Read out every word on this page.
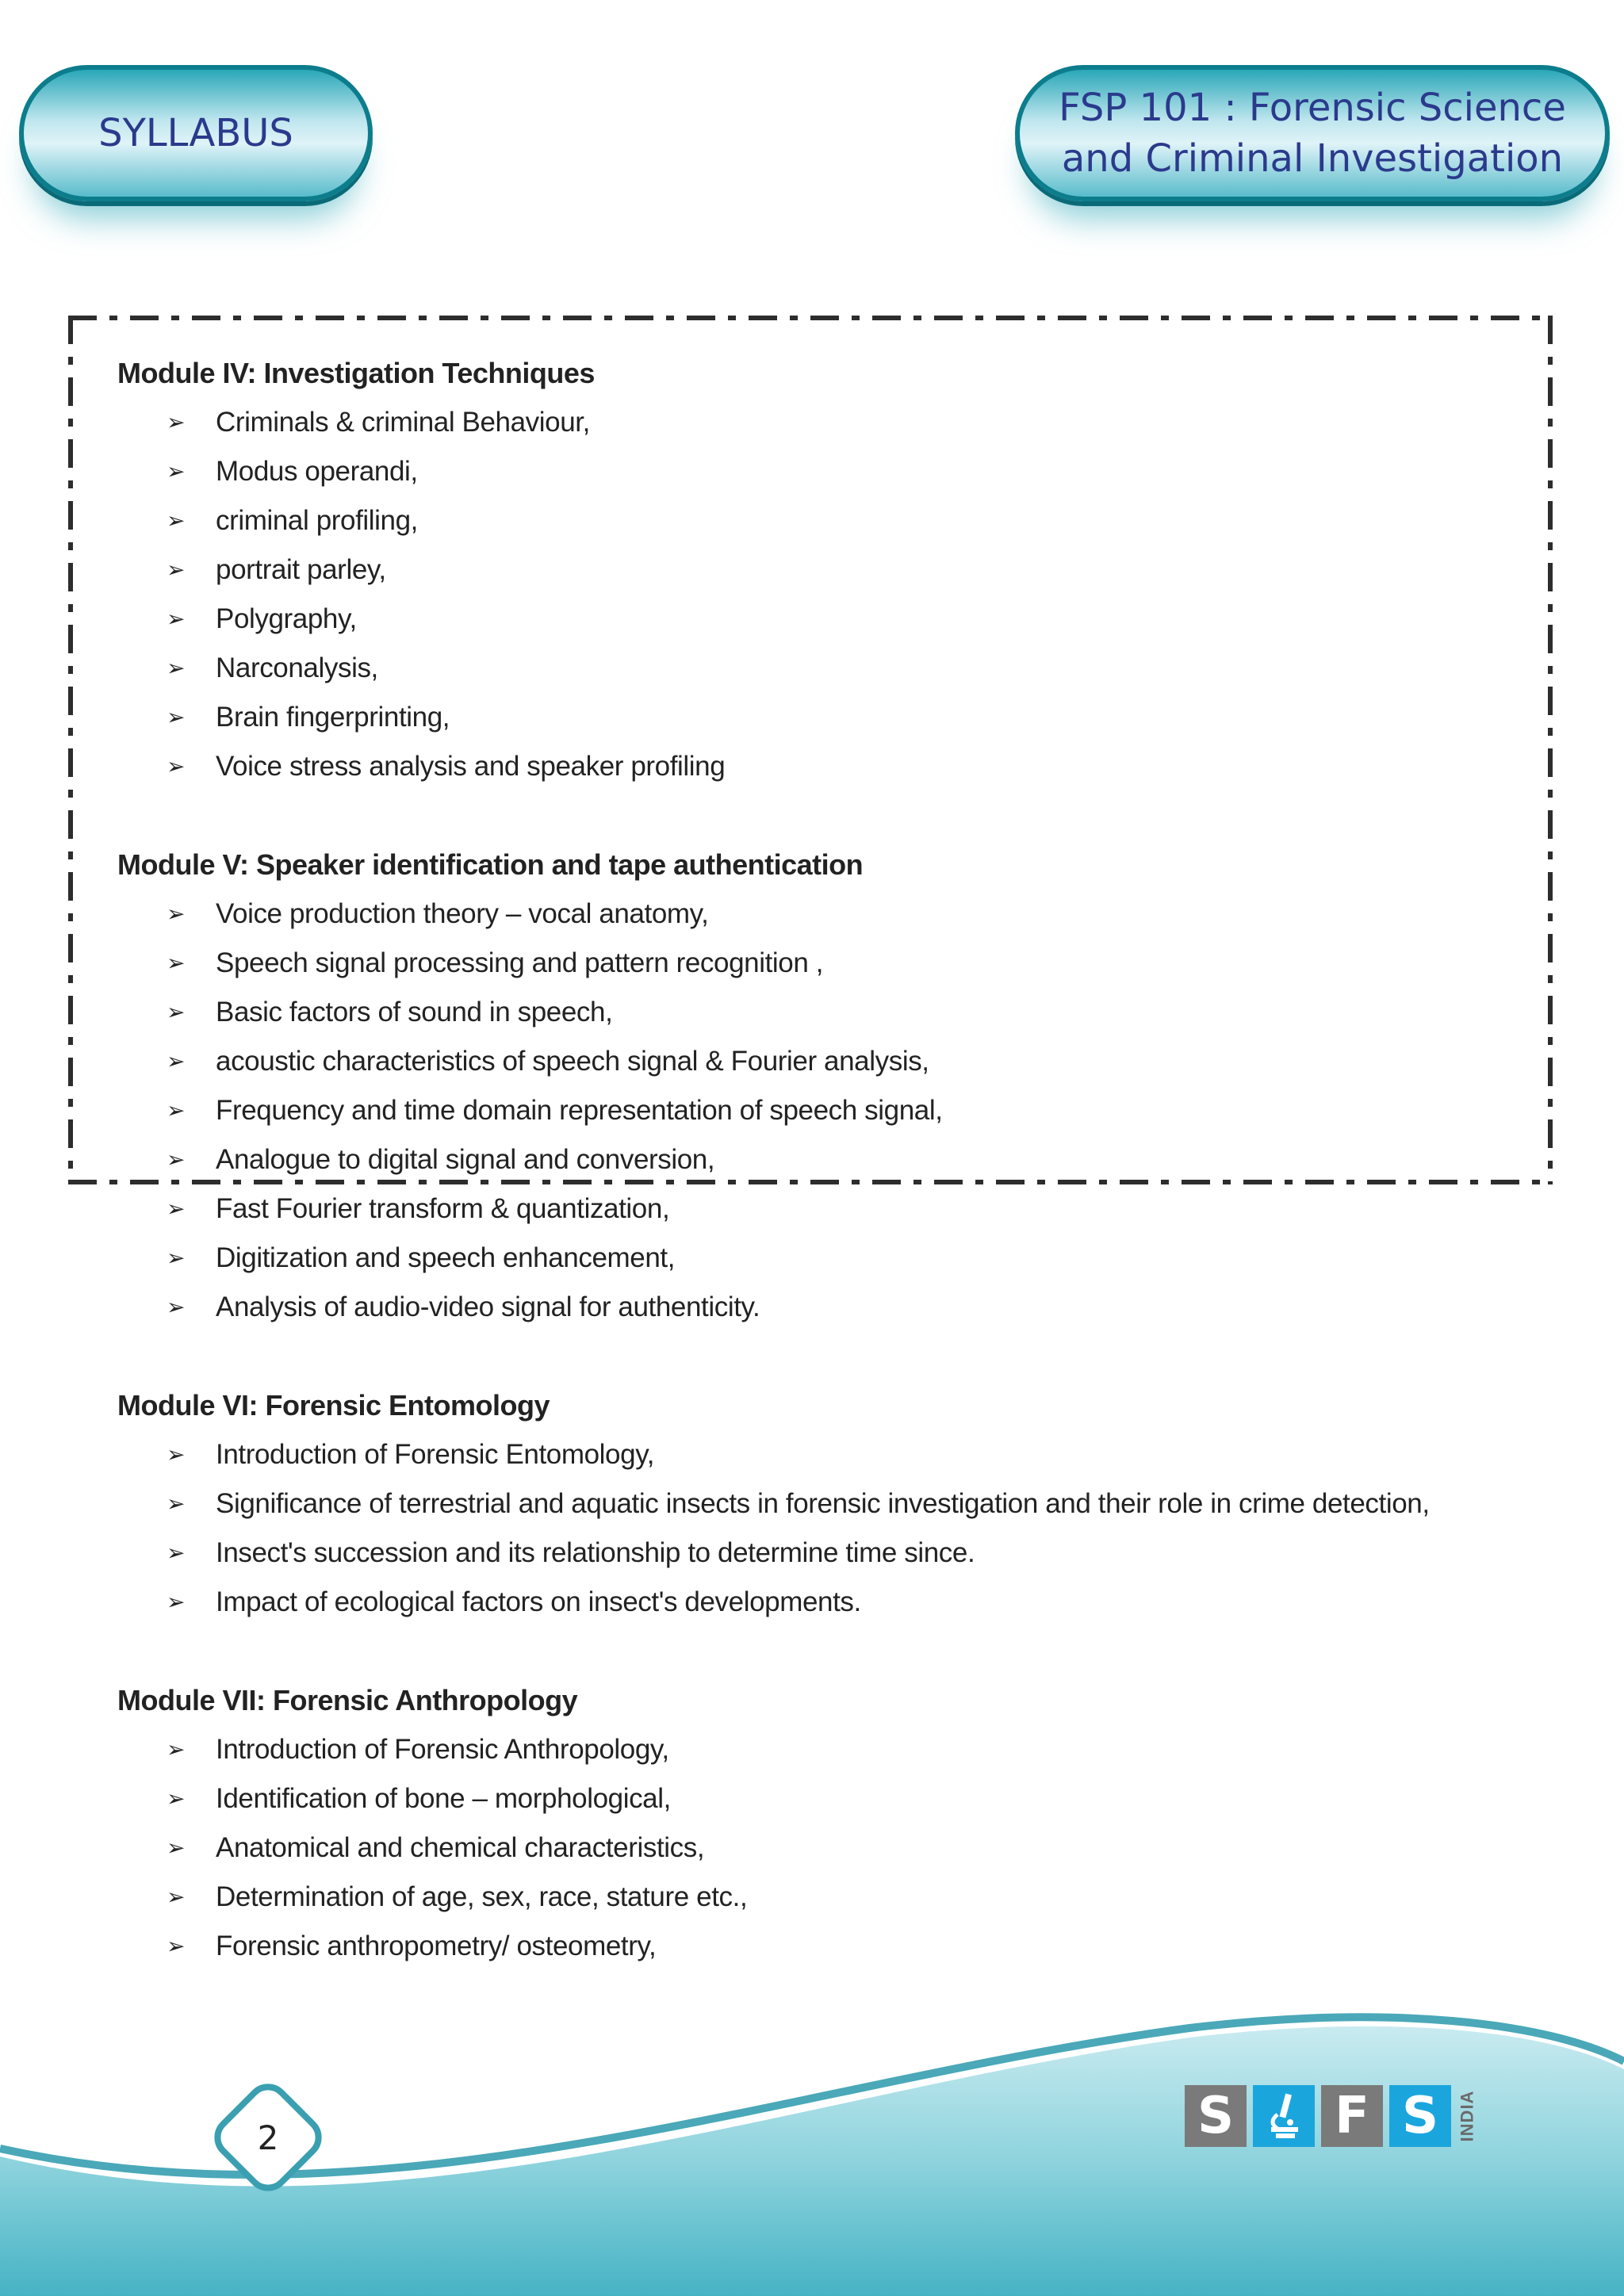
SYLLABUS
FSP 101 : Forensic Science
and Criminal Investigation
Module IV: Investigation Techniques
➢	Criminals & criminal Behaviour,
➢	Modus operandi,
➢	criminal profiling,
➢	portrait parley,
➢	Polygraphy,
➢	Narconalysis,
➢	Brain fingerprinting,
➢	Voice stress analysis and speaker profiling
Module V: Speaker identification and tape authentication
➢	Voice production theory – vocal anatomy,
➢	Speech signal processing and pattern recognition ,
➢	Basic factors of sound in speech,
➢	acoustic characteristics of speech signal & Fourier analysis,
➢	Frequency and time domain representation of speech signal,
➢	Analogue to digital signal and conversion,
➢	Fast Fourier transform & quantization,
➢	Digitization and speech enhancement,
➢	Analysis of audio-video signal for authenticity.
Module VI: Forensic Entomology
➢	Introduction of Forensic Entomology,
➢	Significance of terrestrial and aquatic insects in forensic investigation and their role in crime detection,
➢	Insect's succession and its relationship to determine time since.
➢	Impact of ecological factors on insect's developments.
Module VII: Forensic Anthropology
➢	Introduction of Forensic Anthropology,
➢	Identification of bone – morphological,
➢	Anatomical and chemical characteristics,
➢	Determination of age, sex, race, stature etc.,
➢	Forensic anthropometry/ osteometry,
2	S F S	INDIA
